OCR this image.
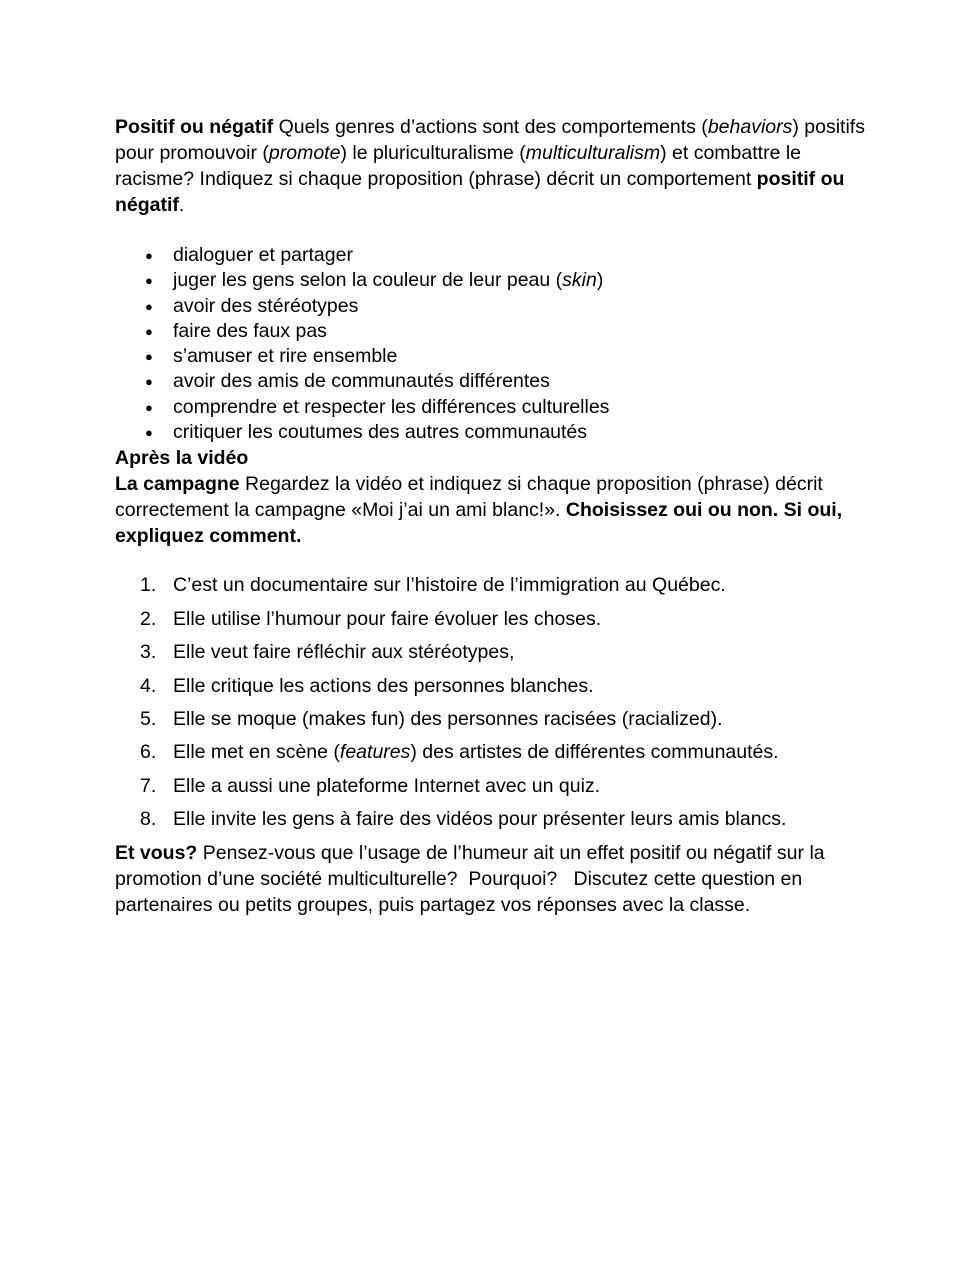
Positif ou négatif Quels genres d’actions sont des comportements (behaviors) positifs pour promouvoir (promote) le pluriculturalisme (multiculturalism) et combattre le racisme? Indiquez si chaque proposition (phrase) décrit un comportement positif ou négatif.

● dialoguer et partager
● juger les gens selon la couleur de leur peau (skin)
● avoir des stéréotypes
● faire des faux pas
● s’amuser et rire ensemble
● avoir des amis de communautés différentes
● comprendre et respecter les différences culturelles
● critiquer les coutumes des autres communautés

Après la vidéo

La campagne Regardez la vidéo et indiquez si chaque proposition (phrase) décrit correctement la campagne «Moi j’ai un ami blanc!». Choisissez oui ou non. Si oui, expliquez comment.

1. C’est un documentaire sur l’histoire de l’immigration au Québec.
2. Elle utilise l’humour pour faire évoluer les choses.
3. Elle veut faire réfléchir aux stéréotypes,
4. Elle critique les actions des personnes blanches.
5. Elle se moque (makes fun) des personnes racisées (racialized).
6. Elle met en scène (features) des artistes de différentes communautés.
7. Elle a aussi une plateforme Internet avec un quiz.
8. Elle invite les gens à faire des vidéos pour présenter leurs amis blancs.

Et vous? Pensez-vous que l’usage de l’humeur ait un effet positif ou négatif sur la promotion d’une société multiculturelle?  Pourquoi?   Discutez cette question en partenaires ou petits groupes, puis partagez vos réponses avec la classe.
